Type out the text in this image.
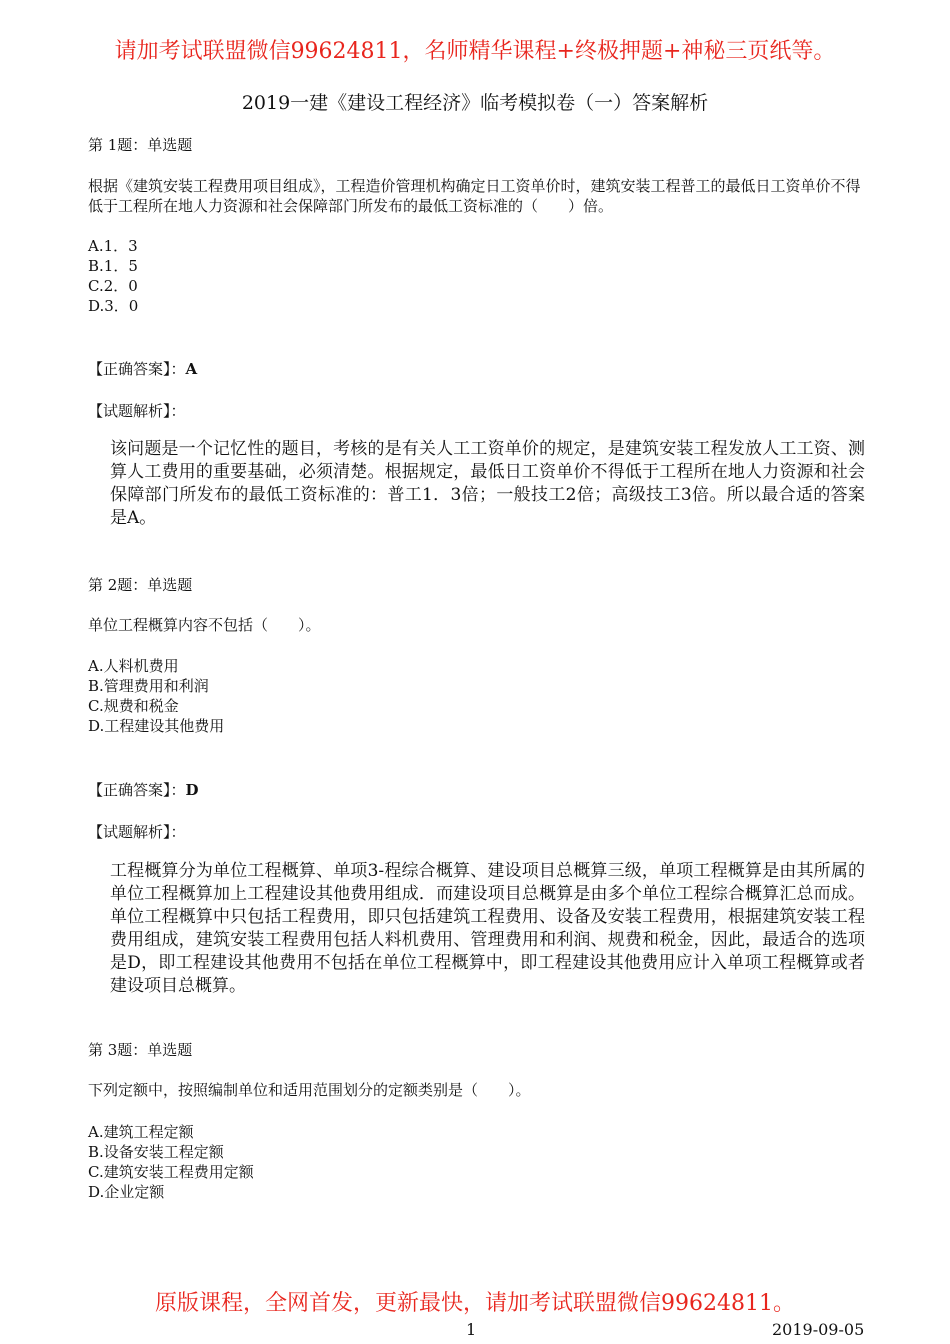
请加考试联盟微信99624811，名师精华课程+终极押题+神秘三页纸等。
2019一建《建设工程经济》临考模拟卷（一）答案解析
第 1题：单选题
根据《建筑安装工程费用项目组成》，工程造价管理机构确定日工资单价时，建筑安装工程普工的最低日工资单价不得低于工程所在地人力资源和社会保障部门所发布的最低工资标准的（　　）倍。
A.1．3
B.1．5
C.2．0
D.3．0
【正确答案】：A
【试题解析】：
该问题是一个记忆性的题目，考核的是有关人工工资单价的规定，是建筑安装工程发放人工工资、测算人工费用的重要基础，必须清楚。根据规定，最低日工资单价不得低于工程所在地人力资源和社会保障部门所发布的最低工资标准的：普工1．3倍；一般技工2倍；高级技工3倍。所以最合适的答案是A。
第 2题：单选题
单位工程概算内容不包括（　　）。
A.人料机费用
B.管理费用和利润
C.规费和税金
D.工程建设其他费用
【正确答案】：D
【试题解析】：
工程概算分为单位工程概算、单项3-程综合概算、建设项目总概算三级，单项工程概算是由其所属的单位工程概算加上工程建设其他费用组成．而建设项目总概算是由多个单位工程综合概算汇总而成。单位工程概算中只包括工程费用，即只包括建筑工程费用、设备及安装工程费用，根据建筑安装工程费用组成，建筑安装工程费用包括人料机费用、管理费用和利润、规费和税金，因此，最适合的选项是D，即工程建设其他费用不包括在单位工程概算中，即工程建设其他费用应计入单项工程概算或者建设项目总概算。
第 3题：单选题
下列定额中，按照编制单位和适用范围划分的定额类别是（　　）。
A.建筑工程定额
B.设备安装工程定额
C.建筑安装工程费用定额
D.企业定额
原版课程，全网首发，更新最快，请加考试联盟微信99624811。
1	2019-09-05
